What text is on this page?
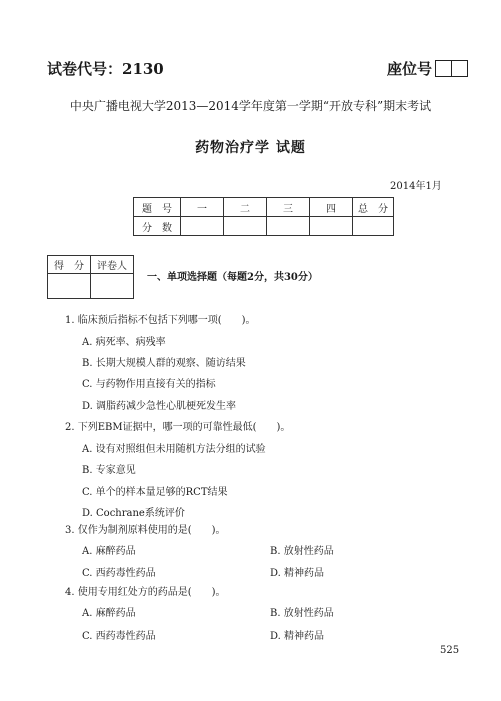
试卷代号：2130	座位号
中央广播电视大学2013—2014学年度第一学期“开放专科”期末考试
药物治疗学 试题
2014年1月
题　号	一	二	三	四	总　分
分　数					
得　分	评卷人

一、单项选择题（每题2分，共30分）
1. 临床预后指标不包括下列哪一项(　　)。
A. 病死率、病残率
B. 长期大规模人群的观察、随访结果
C. 与药物作用直接有关的指标
D. 调脂药减少急性心肌梗死发生率
2. 下列EBM证据中，哪一项的可靠性最低(　　)。
A. 设有对照组但未用随机方法分组的试验
B. 专家意见
C. 单个的样本量足够的RCT结果
D. Cochrane系统评价
3. 仅作为制剂原料使用的是(　　)。
A. 麻醉药品	B. 放射性药品
C. 西药毒性药品	D. 精神药品
4. 使用专用红处方的药品是(　　)。
A. 麻醉药品	B. 放射性药品
C. 西药毒性药品	D. 精神药品
525
